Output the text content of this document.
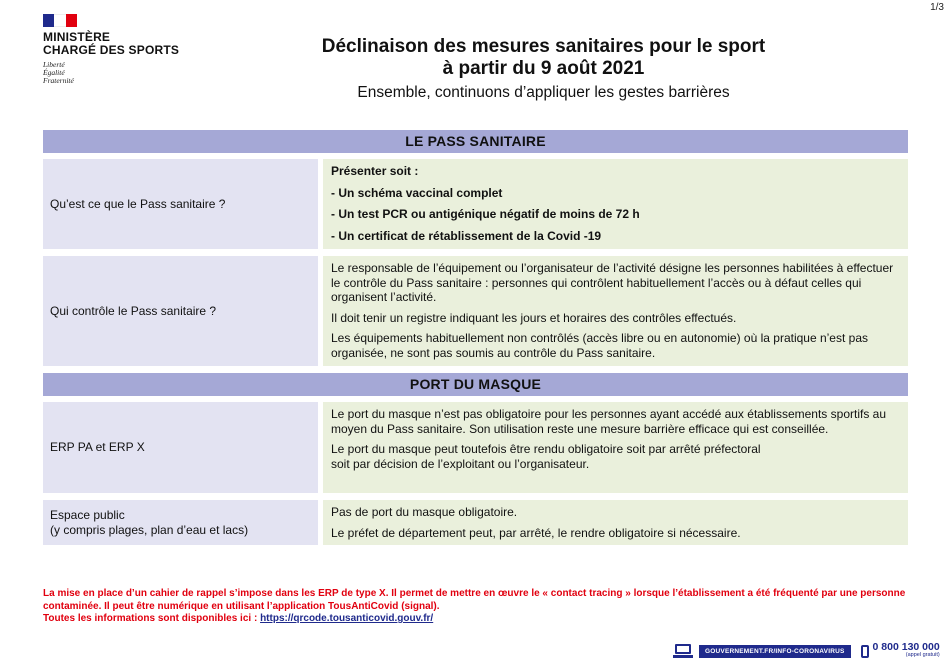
1/3
MINISTÈRE
CHARGÉ DES SPORTS
Liberté
Égalité
Fraternité
Déclinaison des mesures sanitaires pour le sport
à partir du 9 août 2021
Ensemble, continuons d’appliquer les gestes barrières
LE PASS SANITAIRE
Qu’est ce que le Pass sanitaire ?

Présenter soit :

- Un schéma vaccinal complet

- Un test PCR ou antigénique négatif de moins de 72 h

- Un certificat de rétablissement de la Covid -19

Qui contrôle le Pass sanitaire ?

Le responsable de l’équipement ou l’organisateur de l’activité désigne les personnes habilitées à effectuer le contrôle du Pass sanitaire : personnes qui contrôlent habituellement l’accès ou à défaut celles qui organisent l’activité.

Il doit tenir un registre indiquant les jours et horaires des contrôles effectués.

Les équipements habituellement non contrôlés (accès libre ou en autonomie) où la pratique n’est pas organisée, ne sont pas soumis au contrôle du Pass sanitaire.

PORT DU MASQUE
ERP PA et ERP X

Le port du masque n’est pas obligatoire pour les personnes ayant accédé aux établissements sportifs au moyen du Pass sanitaire. Son utilisation reste une mesure barrière efficace qui est conseillée.

Le port du masque peut toutefois être rendu obligatoire soit par arrêté préfectoral
soit par décision de l’exploitant ou l’organisateur.

Espace public
(y compris plages, plan d’eau et lacs)

Pas de port du masque obligatoire.

Le préfet de département peut, par arrêté, le rendre obligatoire si nécessaire.

La mise en place d’un cahier de rappel s’impose dans les ERP de type X. Il permet de mettre en œuvre le « contact tracing » lorsque l’établissement a été fréquenté par une personne contaminée. Il peut être numérique en utilisant l’application TousAntiCovid (signal).
Toutes les informations sont disponibles ici : https://qrcode.tousanticovid.gouv.fr/
GOUVERNEMENT.FR/INFO-CORONAVIRUS	0 800 130 000
(appel gratuit)
